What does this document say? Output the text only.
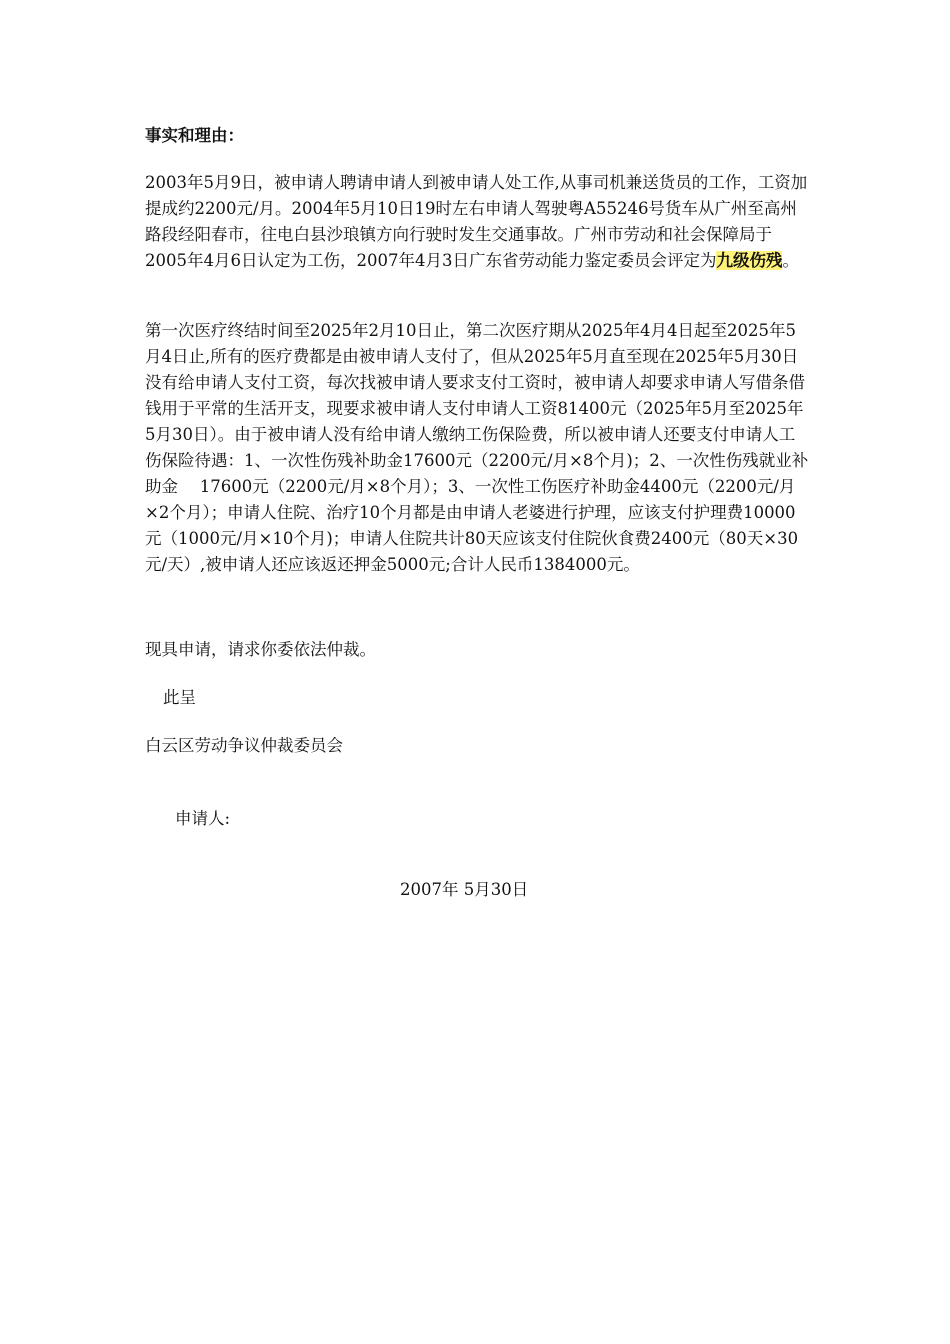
事实和理由：

2003年5月9日，被申请人聘请申请人到被申请人处工作,从事司机兼送货员的工作，工资加提成约2200元/月。2004年5月10日19时左右申请人驾驶粤A55246号货车从广州至高州路段经阳春市，往电白县沙琅镇方向行驶时发生交通事故。广州市劳动和社会保障局于2005年4月6日认定为工伤，2007年4月3日广东省劳动能力鉴定委员会评定为九级伤残。

第一次医疗终结时间至2025年2月10日止，第二次医疗期从2025年4月4日起至2025年5月4日止,所有的医疗费都是由被申请人支付了，但从2025年5月直至现在2025年5月30日没有给申请人支付工资，每次找被申请人要求支付工资时，被申请人却要求申请人写借条借钱用于平常的生活开支，现要求被申请人支付申请人工资81400元（2025年5月至2025年5月30日）。由于被申请人没有给申请人缴纳工伤保险费，所以被申请人还要支付申请人工伤保险待遇：1、一次性伤残补助金17600元（2200元/月×8个月)；2、一次性伤残就业补助金　 17600元（2200元/月×8个月）；3、一次性工伤医疗补助金4400元（2200元/月×2个月）；申请人住院、治疗10个月都是由申请人老婆进行护理，应该支付护理费10000元（1000元/月×10个月)；申请人住院共计80天应该支付住院伙食费2400元（80天×30元/天）,被申请人还应该返还押金5000元;合计人民币1384000元。

现具申请，请求你委依法仲裁。

此呈

白云区劳动争议仲裁委员会

申请人:

2007年 5月30日
